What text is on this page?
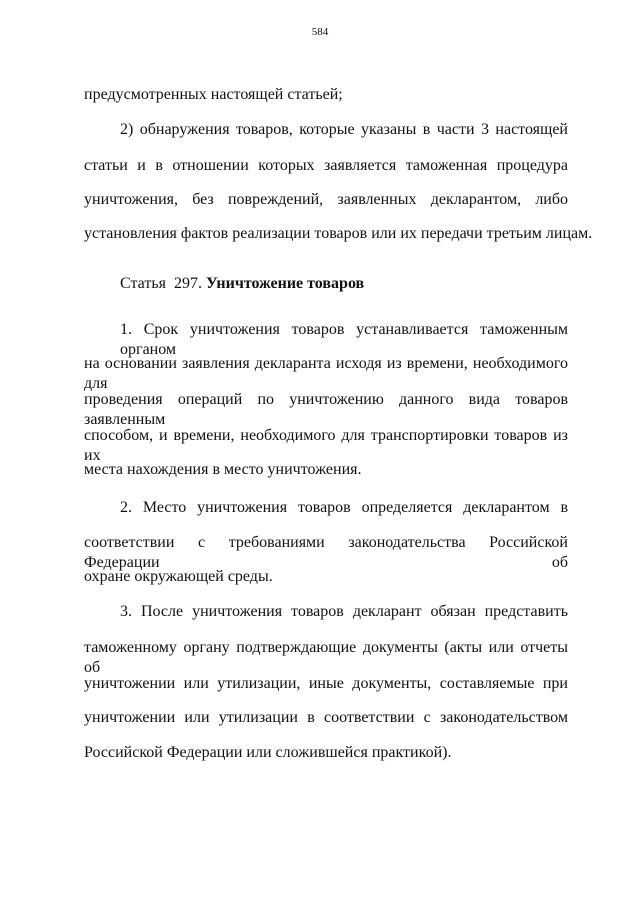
584
предусмотренных настоящей статьей;
2) обнаружения товаров, которые указаны в части 3 настоящей
статьи и в отношении которых заявляется таможенная процедура
уничтожения, без повреждений, заявленных декларантом, либо
установления фактов реализации товаров или их передачи третьим лицам.
Статья  297. Уничтожение товаров
1. Срок уничтожения товаров устанавливается таможенным органом
на основании заявления декларанта исходя из времени, необходимого для
проведения операций по уничтожению данного вида товаров заявленным
способом, и времени, необходимого для транспортировки товаров из их
места нахождения в место уничтожения.
2. Место уничтожения товаров определяется декларантом в
соответствии с требованиями законодательства Российской Федерации об
охране окружающей среды.
3. После уничтожения товаров декларант обязан представить
таможенному органу подтверждающие документы (акты или отчеты об
уничтожении или утилизации, иные документы, составляемые при
уничтожении или утилизации в соответствии с законодательством
Российской Федерации или сложившейся практикой).
